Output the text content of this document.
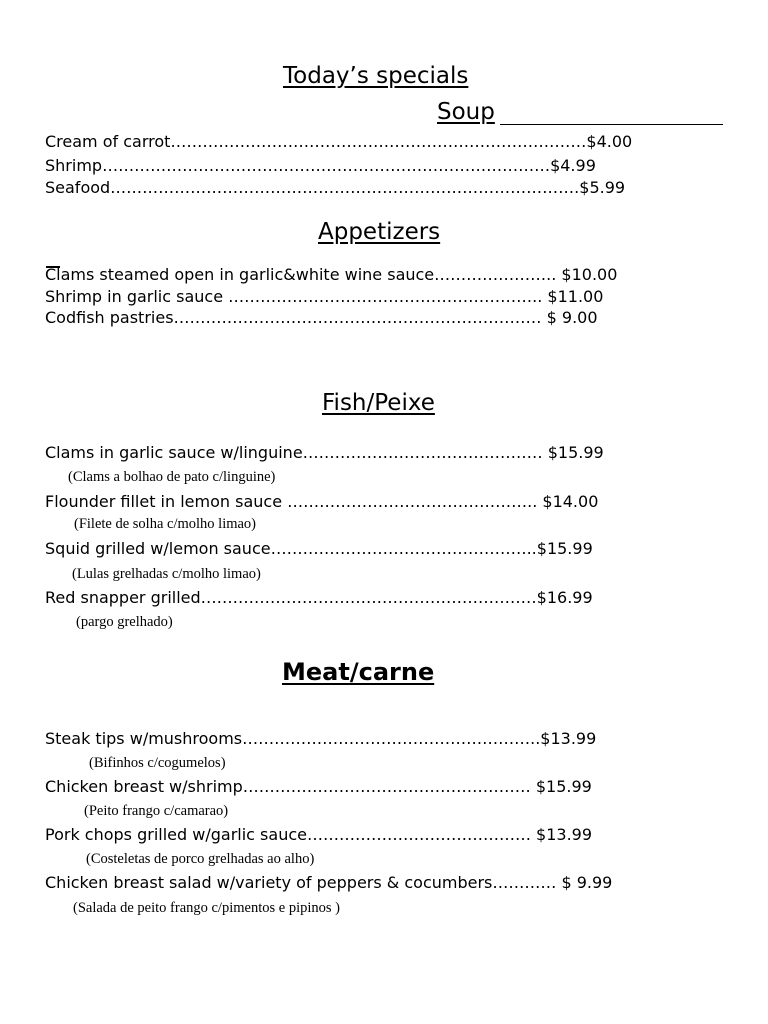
Today’s specials
Soup
Cream of carrot……………………………………………………………………$4.00
Shrimp…………………………………………………………………………$4.99
Seafood…………………………………………………………………………….$5.99
Appetizers
Clams steamed open in garlic&white wine sauce………………….. $10.00
Shrimp in garlic sauce ………………………………………………….. $11.00
Codfish pastries…………………………………………………………… $ 9.00
Fish/Peixe
Clams in garlic sauce w/linguine……………………………………… $15.99
(Clams a bolhao de pato c/linguine)
Flounder fillet in lemon sauce ……………………………………….. $14.00
(Filete de solha c/molho limao)
Squid grilled w/lemon sauce…………………………………………..$15.99
(Lulas grelhadas c/molho limao)
Red snapper grilled………………………………………………………$16.99
(pargo grelhado)
Meat/carne
Steak tips w/mushrooms………………………………………………..$13.99
(Bifinhos c/cogumelos)
Chicken breast w/shrimp……………………………………………… $15.99
(Peito frango c/camarao)
Pork chops grilled w/garlic sauce…………………………………… $13.99
(Costeletas de porco grelhadas ao alho)
Chicken breast salad w/variety of peppers & cocumbers………… $ 9.99
(Salada de peito frango c/pimentos e pipinos )
